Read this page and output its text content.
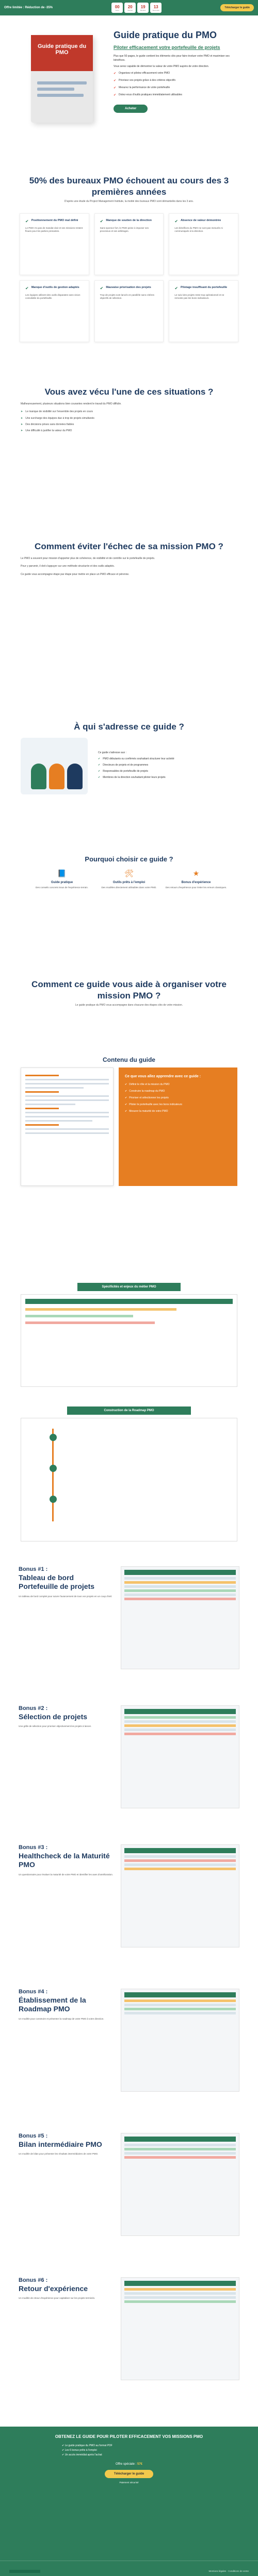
Offre limitée : Réduction de -35%	00
Jours
20
Heures
19
Minutes
13
Secondes
Télécharger le guide
Guide pratique du PMO
Guide pratique du PMO
Piloter efficacement votre portefeuille de projets

Plus que 50 pages, le guide contient les éléments clés pour faire évoluer votre PMO et maximiser ses bénéfices.

Vous serez capable de démontrer la valeur de votre PMO auprès de votre direction.

✔ Organisez et pilotez efficacement votre PMO
✔ Priorisez vos projets grâce à des critères objectifs
✔ Mesurez la performance de votre portefeuille
✔ Dotez-vous d'outils pratiques immédiatement utilisables
Acheter
50% des bureaux PMO échouent au cours des 3 premières années
D'après une étude du Project Management Institute, la moitié des bureaux PMO sont démantelés dans les 3 ans.
✔ Positionnement du PMO mal défini
Le PMO n'a pas de mandat clair et ses missions restent floues pour les parties prenantes.
✔ Manque de soutien de la direction
Sans sponsor fort, le PMO peine à imposer ses processus et ses arbitrages.
✔ Absence de valeur démontrée
Les bénéfices du PMO ne sont pas mesurés ni communiqués à la direction.
✔ Manque d'outils de gestion adaptés
Les équipes utilisent des outils disparates sans vision consolidée du portefeuille.
✔ Mauvaise priorisation des projets
Trop de projets sont lancés en parallèle sans critères objectifs de sélection.
✔ Pilotage insuffisant du portefeuille
Le suivi des projets reste trop opérationnel et ne remonte pas les bons indicateurs.
Vous avez vécu l'une de ces situations ?

Malheureusement, plusieurs situations bien courantes rendent le travail du PMO difficile.

➤ Le manque de visibilité sur l'ensemble des projets en cours
➤ Une surcharge des équipes due à trop de projets simultanés
➤ Des décisions prises sans données fiables
➤ Une difficulté à justifier la valeur du PMO
Comment éviter l'échec de sa mission PMO ?

Le PMO a souvent pour mission d'apporter plus de cohérence, de visibilité et de contrôle sur le portefeuille de projets.

Pour y parvenir, il doit s'appuyer sur une méthode structurée et des outils adaptés.

Ce guide vous accompagne étape par étape pour mettre en place un PMO efficace et pérenne.

À qui s'adresse ce guide ?

Ce guide s'adresse aux :

✔ PMO débutants ou confirmés souhaitant structurer leur activité
✔ Directeurs de projets et de programmes
✔ Responsables de portefeuille de projets
✔ Membres de la direction souhaitant piloter leurs projets
Pourquoi choisir ce guide ?
📘
Guide pratique
Des conseils concrets issus de l'expérience terrain.
🛠
Outils prêts à l'emploi
Des modèles directement utilisables dans votre PMO.
★
Bonus d'expérience
Des retours d'expérience pour éviter les erreurs classiques.
Comment ce guide vous aide à organiser votre mission PMO ?
Le guide pratique du PMO vous accompagne dans chacune des étapes clés de votre mission.
Contenu du guide
Ce que vous allez apprendre avec ce guide :
✔ Définir le rôle et la mission du PMO
✔ Construire la roadmap du PMO
✔ Prioriser et sélectionner les projets
✔ Piloter le portefeuille avec les bons indicateurs
✔ Mesurer la maturité de votre PMO
Spécificités et enjeux du métier PMO
Construction de la Roadmap PMO
Bonus #1 :
Tableau de bord Portefeuille de projets

Un tableau de bord complet pour suivre l'avancement de tous vos projets en un coup d'œil.

Bonus #2 :
Sélection de projets

Une grille de sélection pour prioriser objectivement les projets à lancer.

Bonus #3 :
Healthcheck de la Maturité PMO

Un questionnaire pour évaluer la maturité de votre PMO et identifier les axes d'amélioration.

Bonus #4 :
Établissement de la Roadmap PMO

Un modèle pour construire et présenter la roadmap de votre PMO à votre direction.

Bonus #5 :
Bilan intermédiaire PMO

Un modèle de bilan pour présenter les résultats intermédiaires de votre PMO.

Bonus #6 :
Retour d'expérience

Un modèle de retour d'expérience pour capitaliser sur les projets terminés.

OBTENEZ LE GUIDE POUR PILOTER EFFICACEMENT VOS MISSIONS PMO
✔ Le guide pratique du PMO au format PDF
✔ Les 6 bonus prêts à l'emploi
✔ Un accès immédiat après l'achat
Offre spéciale : 57€
Télécharger le guide
Paiement sécurisé
Mentions légales · Conditions de vente
